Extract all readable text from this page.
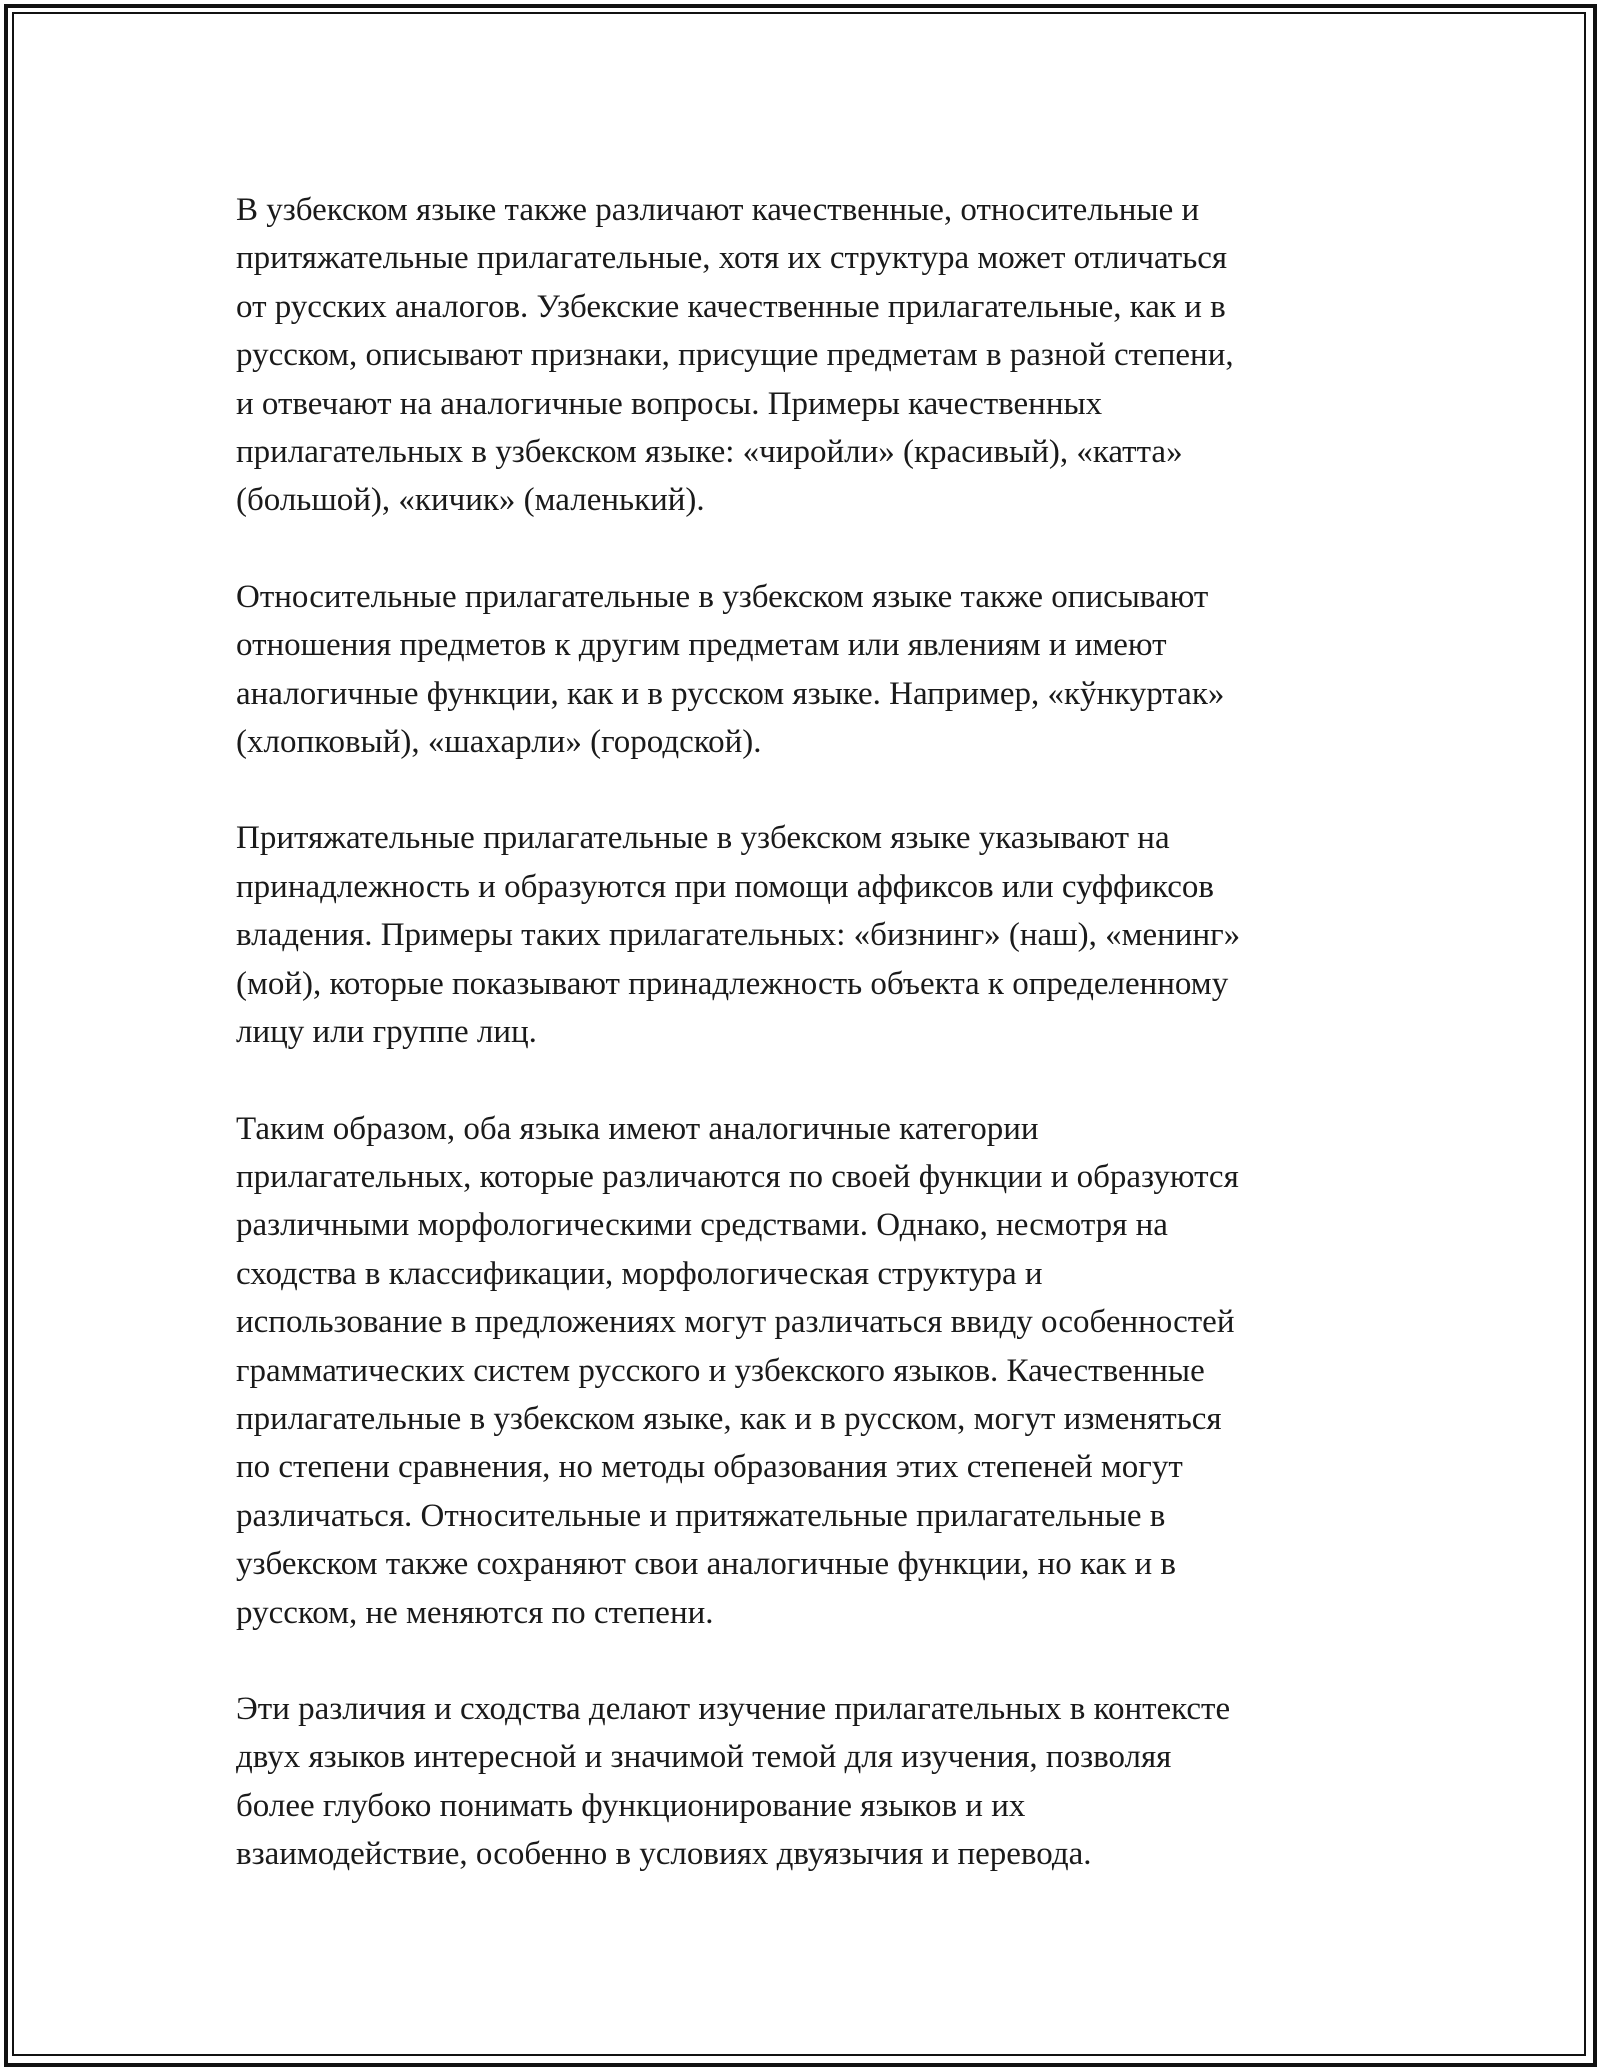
В узбекском языке также различают качественные, относительные и
притяжательные прилагательные, хотя их структура может отличаться
от русских аналогов. Узбекские качественные прилагательные, как и в
русском, описывают признаки, присущие предметам в разной степени,
и отвечают на аналогичные вопросы. Примеры качественных
прилагательных в узбекском языке: «чиройли» (красивый), «катта»
(большой), «кичик» (маленький).

Относительные прилагательные в узбекском языке также описывают
отношения предметов к другим предметам или явлениям и имеют
аналогичные функции, как и в русском языке. Например, «кўнкуртак»
(хлопковый), «шахарли» (городской).

Притяжательные прилагательные в узбекском языке указывают на
принадлежность и образуются при помощи аффиксов или суффиксов
владения. Примеры таких прилагательных: «бизнинг» (наш), «менинг»
(мой), которые показывают принадлежность объекта к определенному
лицу или группе лиц.

Таким образом, оба языка имеют аналогичные категории
прилагательных, которые различаются по своей функции и образуются
различными морфологическими средствами. Однако, несмотря на
сходства в классификации, морфологическая структура и
использование в предложениях могут различаться ввиду особенностей
грамматических систем русского и узбекского языков. Качественные
прилагательные в узбекском языке, как и в русском, могут изменяться
по степени сравнения, но методы образования этих степеней могут
различаться. Относительные и притяжательные прилагательные в
узбекском также сохраняют свои аналогичные функции, но как и в
русском, не меняются по степени.

Эти различия и сходства делают изучение прилагательных в контексте
двух языков интересной и значимой темой для изучения, позволяя
более глубоко понимать функционирование языков и их
взаимодействие, особенно в условиях двуязычия и перевода.
